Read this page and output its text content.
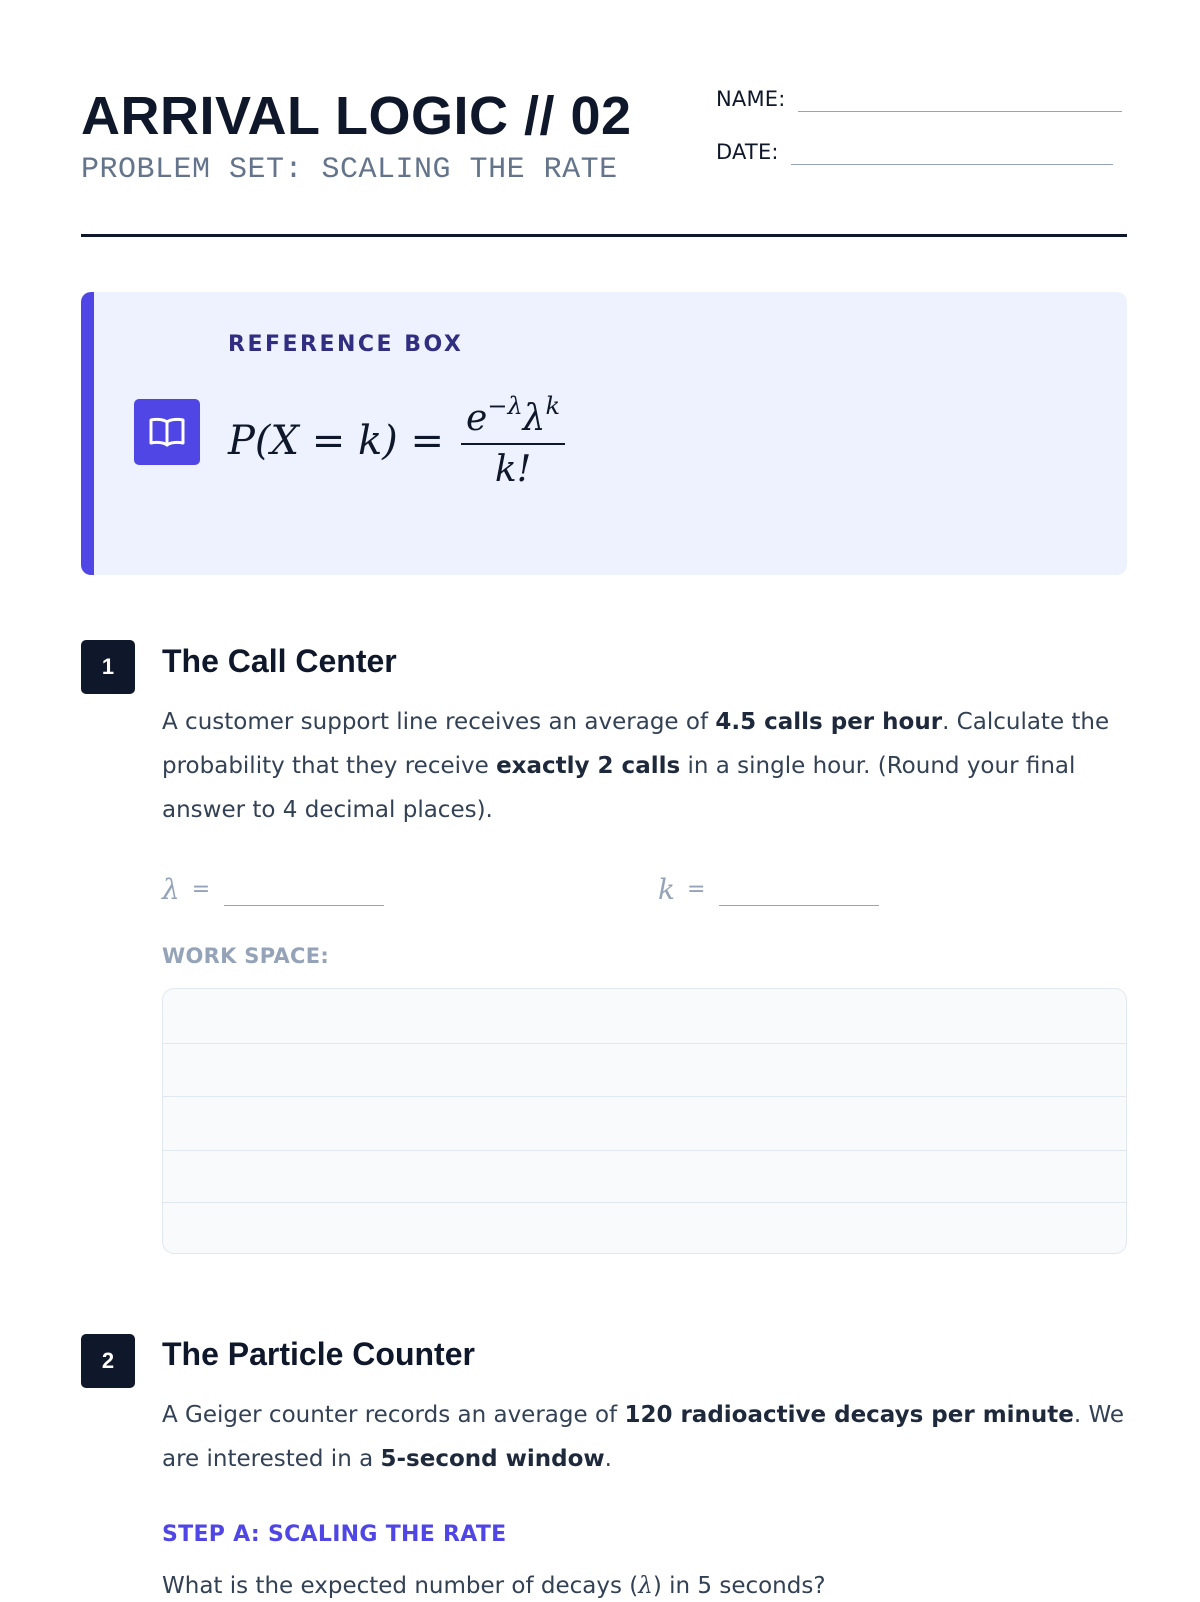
ARRIVAL LOGIC // 02
PROBLEM SET: SCALING THE RATE
NAME:
DATE:
REFERENCE BOX
$P(X = k) = \frac{e^{-\lambda}\lambda^k}{k!}$
1	The Call Center
A customer support line receives an average of 4.5 calls per hour. Calculate the probability that they receive exactly 2 calls in a single hour. (Round your final answer to 4 decimal places).
λ =	k =
WORK SPACE:
2	The Particle Counter
A Geiger counter records an average of 120 radioactive decays per minute. We are interested in a 5-second window.
STEP A: SCALING THE RATE
What is the expected number of decays (λ) in 5 seconds?
